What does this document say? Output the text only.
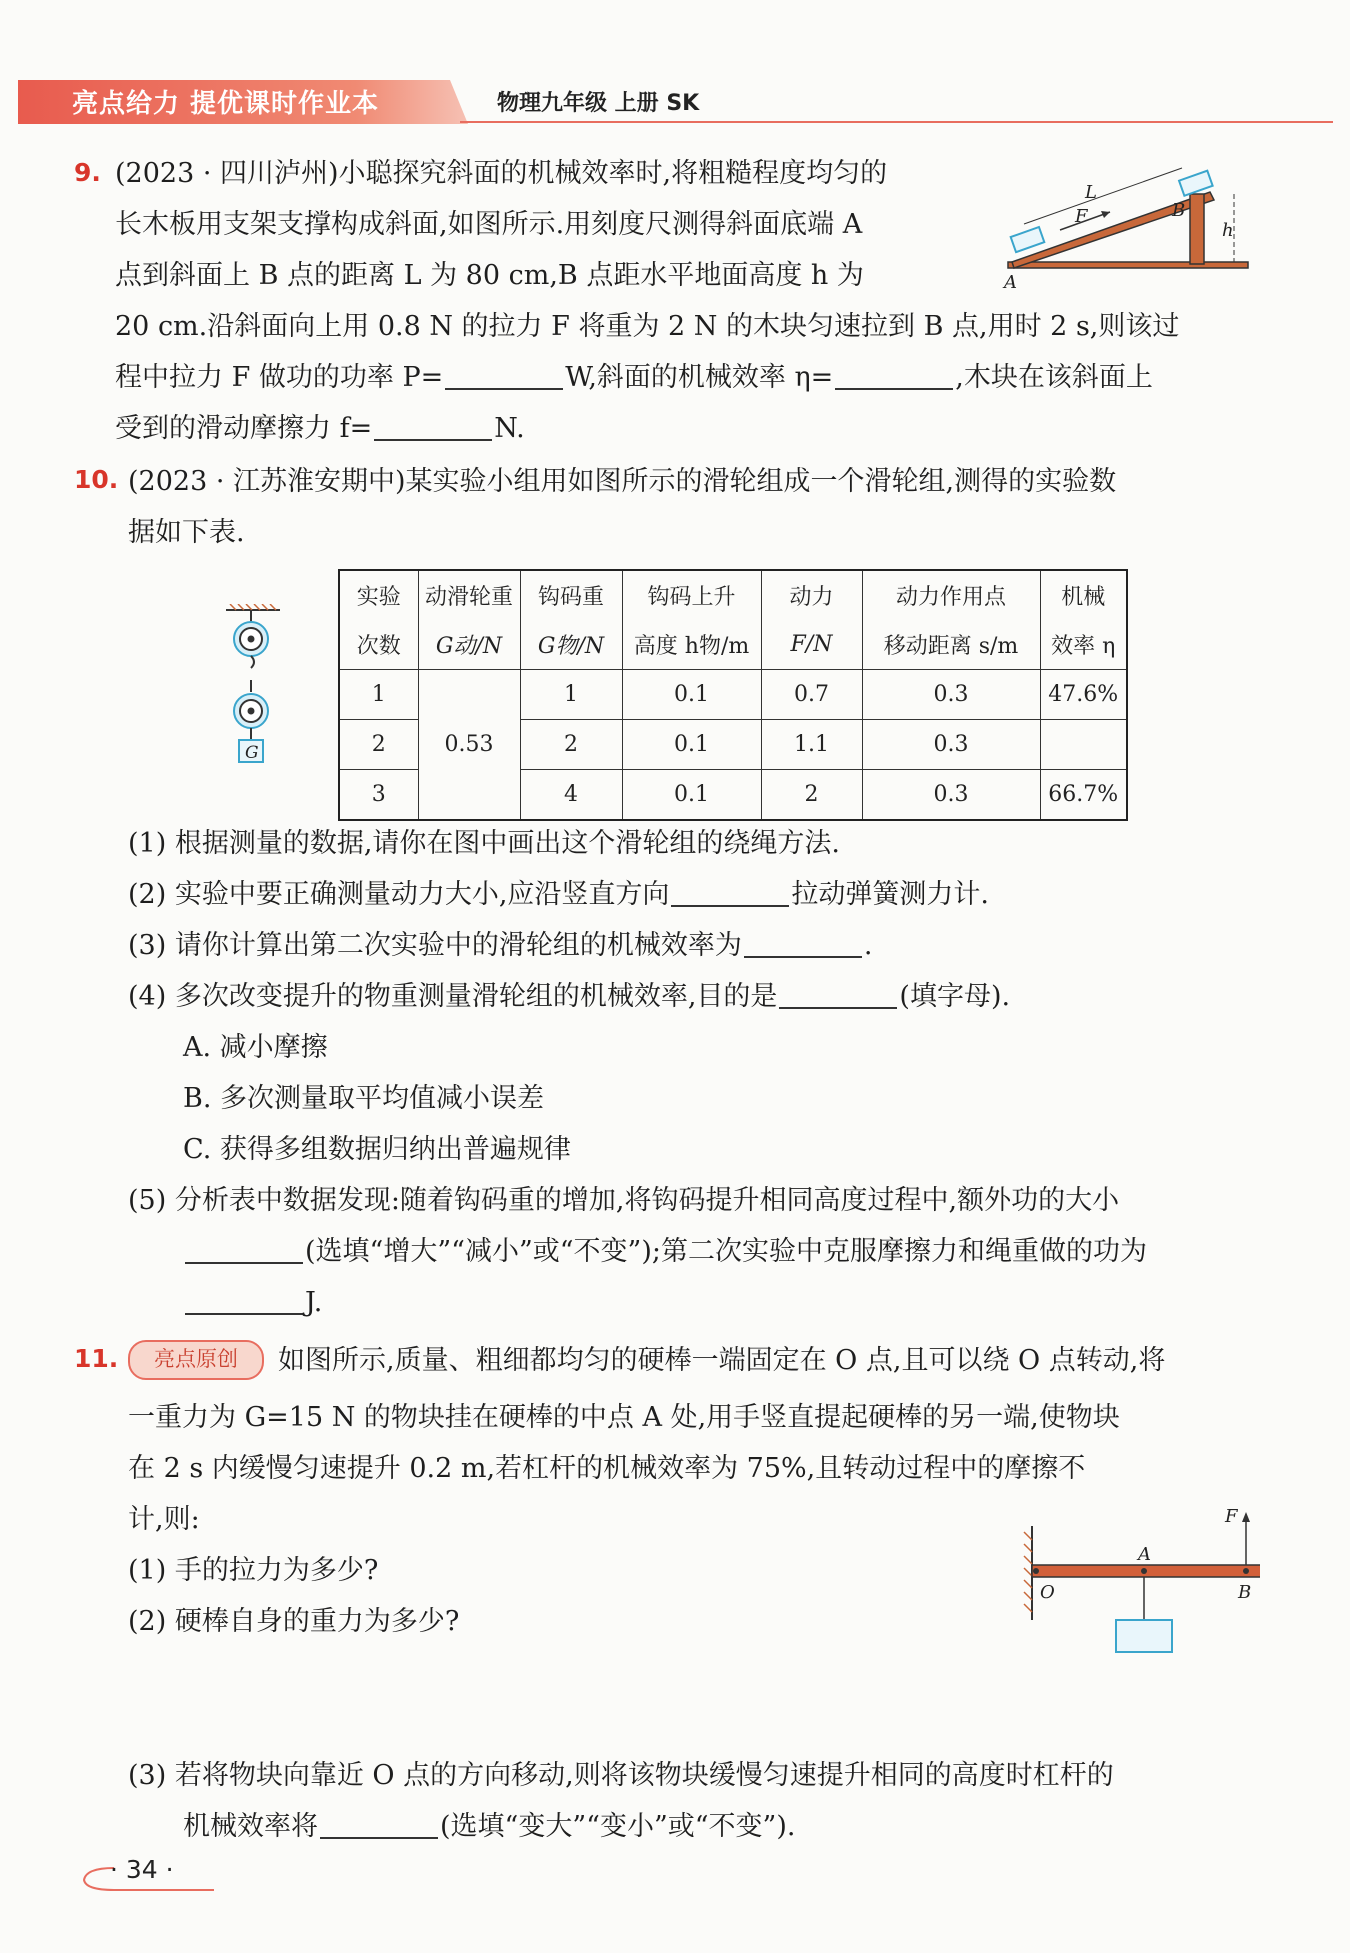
亮点给力 提优课时作业本	物理九年级 上册 SK
9. (2023 · 四川泸州)小聪探究斜面的机械效率时,将粗糙程度均匀的
长木板用支架支撑构成斜面,如图所示.用刻度尺测得斜面底端 A
点到斜面上 B 点的距离 L 为 80 cm,B 点距水平地面高度 h 为
20 cm.沿斜面向上用 0.8 N 的拉力 F 将重为 2 N 的木块匀速拉到 B 点,用时 2 s,则该过
程中拉力 F 做功的功率 P=	W,斜面的机械效率 η=	,木块在该斜面上
受到的滑动摩擦力 f=	N.
L
F	B
h
A
10. (2023 · 江苏淮安期中)某实验小组用如图所示的滑轮组成一个滑轮组,测得的实验数
据如下表.
G
实验	动滑轮重	钩码重	钩码上升	动力	动力作用点	机械
次数	G动/N	G物/N	高度 h物/m	F/N	移动距离 s/m	效率 η
1	0.53	1	0.1	0.7	0.3	47.6%
2		2	0.1	1.1	0.3	
3		4	0.1	2	0.3	66.7%
(1) 根据测量的数据,请你在图中画出这个滑轮组的绕绳方法.
(2) 实验中要正确测量动力大小,应沿竖直方向	拉动弹簧测力计.
(3) 请你计算出第二次实验中的滑轮组的机械效率为	.
(4) 多次改变提升的物重测量滑轮组的机械效率,目的是	(填字母).
A. 减小摩擦
B. 多次测量取平均值减小误差
C. 获得多组数据归纳出普遍规律
(5) 分析表中数据发现:随着钩码重的增加,将钩码提升相同高度过程中,额外功的大小
(选填“增大”“减小”或“不变”);第二次实验中克服摩擦力和绳重做的功为
J.
11.	亮点原创	如图所示,质量、粗细都均匀的硬棒一端固定在 O 点,且可以绕 O 点转动,将
一重力为 G=15 N 的物块挂在硬棒的中点 A 处,用手竖直提起硬棒的另一端,使物块
在 2 s 内缓慢匀速提升 0.2 m,若杠杆的机械效率为 75%,且转动过程中的摩擦不
计,则:
(1) 手的拉力为多少?
(2) 硬棒自身的重力为多少?
(3) 若将物块向靠近 O 点的方向移动,则将该物块缓慢匀速提升相同的高度时杠杆的
机械效率将	(选填“变大”“变小”或“不变”).
F
A
O	B
· 34 ·
